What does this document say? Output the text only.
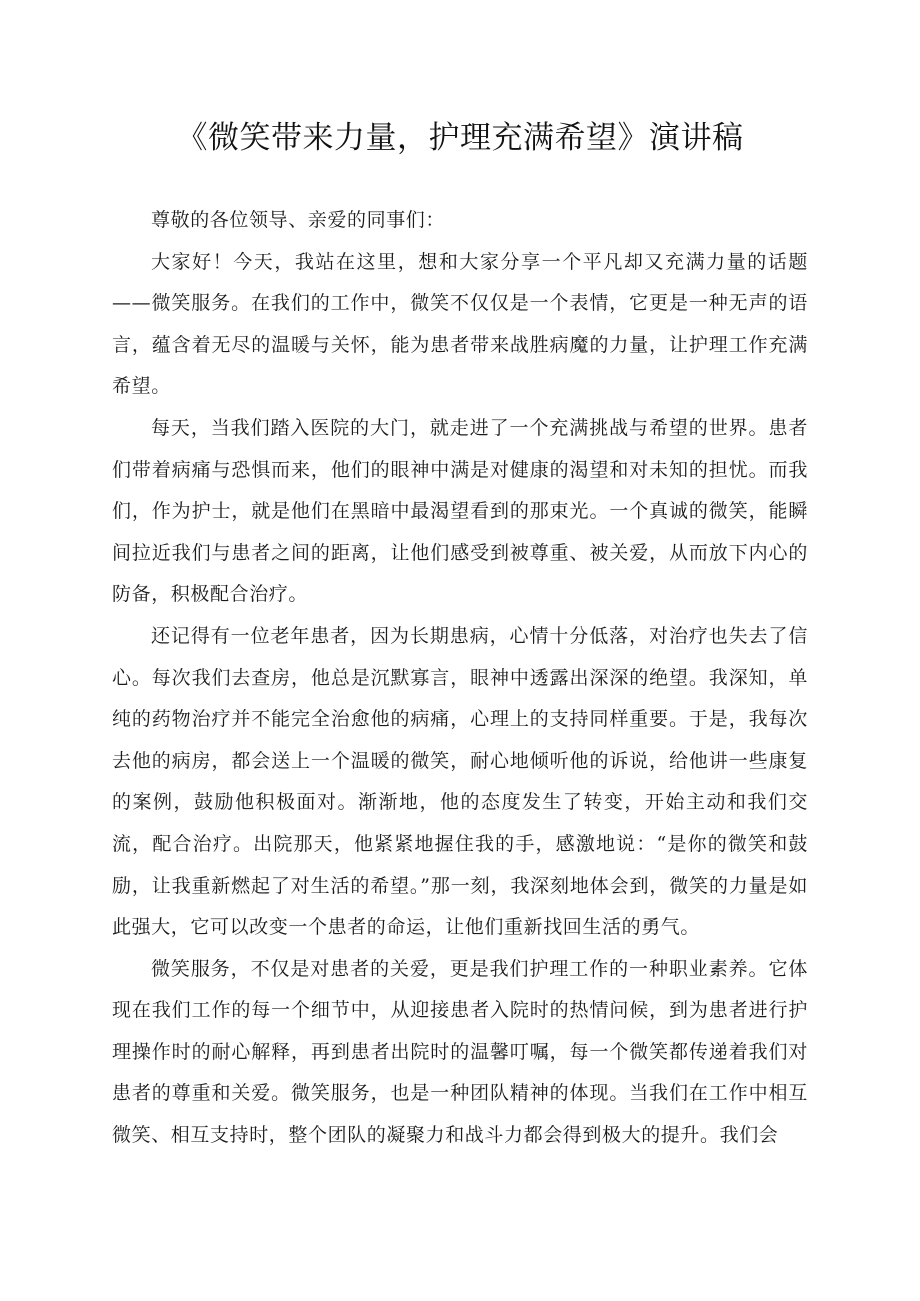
《微笑带来力量，护理充满希望》演讲稿

尊敬的各位领导、亲爱的同事们：

大家好！今天，我站在这里，想和大家分享一个平凡却又充满力量的话题——微笑服务。在我们的工作中，微笑不仅仅是一个表情，它更是一种无声的语言，蕴含着无尽的温暖与关怀，能为患者带来战胜病魔的力量，让护理工作充满希望。

每天，当我们踏入医院的大门，就走进了一个充满挑战与希望的世界。患者们带着病痛与恐惧而来，他们的眼神中满是对健康的渴望和对未知的担忧。而我们，作为护士，就是他们在黑暗中最渴望看到的那束光。一个真诚的微笑，能瞬间拉近我们与患者之间的距离，让他们感受到被尊重、被关爱，从而放下内心的防备，积极配合治疗。

还记得有一位老年患者，因为长期患病，心情十分低落，对治疗也失去了信心。每次我们去查房，他总是沉默寡言，眼神中透露出深深的绝望。我深知，单纯的药物治疗并不能完全治愈他的病痛，心理上的支持同样重要。于是，我每次去他的病房，都会送上一个温暖的微笑，耐心地倾听他的诉说，给他讲一些康复的案例，鼓励他积极面对。渐渐地，他的态度发生了转变，开始主动和我们交流，配合治疗。出院那天，他紧紧地握住我的手，感激地说：“是你的微笑和鼓励，让我重新燃起了对生活的希望。”那一刻，我深刻地体会到，微笑的力量是如此强大，它可以改变一个患者的命运，让他们重新找回生活的勇气。

微笑服务，不仅是对患者的关爱，更是我们护理工作的一种职业素养。它体现在我们工作的每一个细节中，从迎接患者入院时的热情问候，到为患者进行护理操作时的耐心解释，再到患者出院时的温馨叮嘱，每一个微笑都传递着我们对患者的尊重和关爱。微笑服务，也是一种团队精神的体现。当我们在工作中相互微笑、相互支持时，整个团队的凝聚力和战斗力都会得到极大的提升。我们会
